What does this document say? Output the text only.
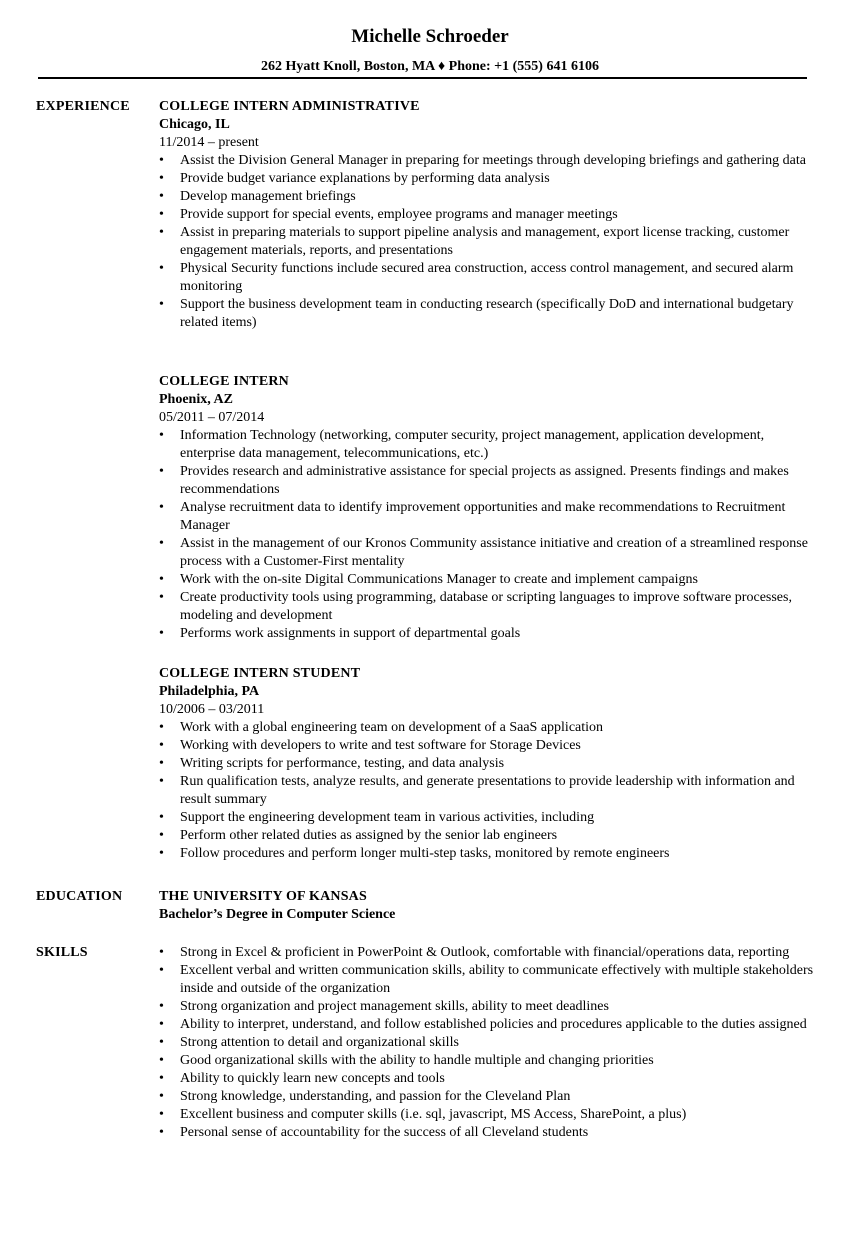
Michelle Schroeder
262 Hyatt Knoll, Boston, MA ♦ Phone: +1 (555) 641 6106
EXPERIENCE COLLEGE INTERN ADMINISTRATIVE
Chicago, IL
11/2014 – present
• Assist the Division General Manager in preparing for meetings through developing briefings and gathering data
• Provide budget variance explanations by performing data analysis
• Develop management briefings
• Provide support for special events, employee programs and manager meetings
• Assist in preparing materials to support pipeline analysis and management, export license tracking, customer engagement materials, reports, and presentations
• Physical Security functions include secured area construction, access control management, and secured alarm monitoring
• Support the business development team in conducting research (specifically DoD and international budgetary related items)
COLLEGE INTERN
Phoenix, AZ
05/2011 – 07/2014
• Information Technology (networking, computer security, project management, application development, enterprise data management, telecommunications, etc.)
• Provides research and administrative assistance for special projects as assigned. Presents findings and makes recommendations
• Analyse recruitment data to identify improvement opportunities and make recommendations to Recruitment Manager
• Assist in the management of our Kronos Community assistance initiative and creation of a streamlined response process with a Customer-First mentality
• Work with the on-site Digital Communications Manager to create and implement campaigns
• Create productivity tools using programming, database or scripting languages to improve software processes, modeling and development
• Performs work assignments in support of departmental goals
COLLEGE INTERN STUDENT
Philadelphia, PA
10/2006 – 03/2011
• Work with a global engineering team on development of a SaaS application
• Working with developers to write and test software for Storage Devices
• Writing scripts for performance, testing, and data analysis
• Run qualification tests, analyze results, and generate presentations to provide leadership with information and result summary
• Support the engineering development team in various activities, including
• Perform other related duties as assigned by the senior lab engineers
• Follow procedures and perform longer multi-step tasks, monitored by remote engineers
EDUCATION	THE UNIVERSITY OF KANSAS
Bachelor’s Degree in Computer Science
SKILLS	• Strong in Excel & proficient in PowerPoint & Outlook, comfortable with financial/operations data, reporting
• Excellent verbal and written communication skills, ability to communicate effectively with multiple stakeholders inside and outside of the organization
• Strong organization and project management skills, ability to meet deadlines
• Ability to interpret, understand, and follow established policies and procedures applicable to the duties assigned
• Strong attention to detail and organizational skills
• Good organizational skills with the ability to handle multiple and changing priorities
• Ability to quickly learn new concepts and tools
• Strong knowledge, understanding, and passion for the Cleveland Plan
• Excellent business and computer skills (i.e. sql, javascript, MS Access, SharePoint, a plus)
• Personal sense of accountability for the success of all Cleveland students
